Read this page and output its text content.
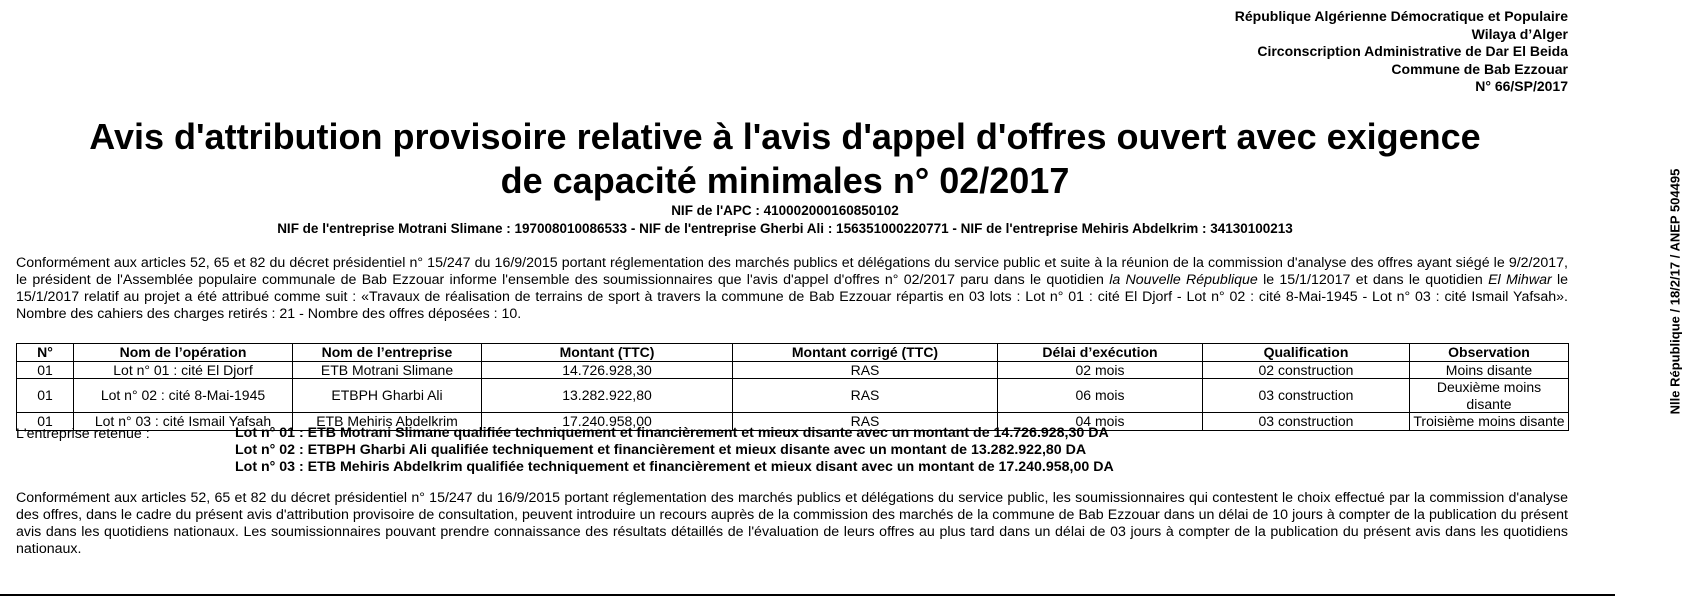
République Algérienne Démocratique et Populaire
Wilaya d’Alger
Circonscription Administrative de Dar El Beida
Commune de Bab Ezzouar
N° 66/SP/2017
Avis d'attribution provisoire relative à l'avis d'appel d'offres ouvert avec exigence
de capacité minimales n° 02/2017
NIF de l'APC : 410002000160850102
NIF de l'entreprise Motrani Slimane : 197008010086533 - NIF de l'entreprise Gherbi Ali : 156351000220771 - NIF de l'entreprise Mehiris Abdelkrim : 34130100213
Conformément aux articles 52, 65 et 82 du décret présidentiel n° 15/247 du 16/9/2015 portant réglementation des marchés publics et délégations du service public et suite à la réunion de la commission d'analyse des offres ayant siégé le 9/2/2017, le président de l'Assemblée populaire communale de Bab Ezzouar informe l'ensemble des soumissionnaires que l'avis d'appel d'offres n° 02/2017 paru dans le quotidien la Nouvelle République le 15/1/12017 et dans le quotidien El Mihwar le 15/1/2017 relatif au projet a été attribué comme suit : «Travaux de réalisation de terrains de sport à travers la commune de Bab Ezzouar répartis en 03 lots : Lot n° 01 : cité El Djorf - Lot n° 02 : cité 8-Mai-1945 - Lot n° 03 : cité Ismail Yafsah». Nombre des cahiers des charges retirés : 21 - Nombre des offres déposées : 10.
N°	Nom de l’opération	Nom de l’entreprise	Montant (TTC)	Montant corrigé (TTC)	Délai d’exécution	Qualification	Observation
01	Lot n° 01 : cité El Djorf	ETB Motrani Slimane	14.726.928,30	RAS	02 mois	02 construction	Moins disante
01	Lot n° 02 : cité 8-Mai-1945	ETBPH Gharbi Ali	13.282.922,80	RAS	06 mois	03 construction	Deuxième moins disante
01	Lot n° 03 : cité Ismail Yafsah	ETB Mehiris Abdelkrim	17.240.958,00	RAS	04 mois	03 construction	Troisième moins disante
L'entreprise retenue :	Lot n° 01 : ETB Motrani Slimane qualifiée techniquement et financièrement et mieux disante avec un montant de 14.726.928,30 DA
Lot n° 02 : ETBPH Gharbi Ali qualifiée techniquement et financièrement et mieux disante avec un montant de 13.282.922,80 DA
Lot n° 03 : ETB Mehiris Abdelkrim qualifiée techniquement et financièrement et mieux disant avec un montant de 17.240.958,00 DA
Conformément aux articles 52, 65 et 82 du décret présidentiel n° 15/247 du 16/9/2015 portant réglementation des marchés publics et délégations du service public, les soumissionnaires qui contestent le choix effectué par la commission d'analyse des offres, dans le cadre du présent avis d'attribution provisoire de consultation, peuvent introduire un recours auprès de la commission des marchés de la commune de Bab Ezzouar dans un délai de 10 jours à compter de la publication du présent avis dans les quotidiens nationaux. Les soumissionnaires pouvant prendre connaissance des résultats détaillés de l'évaluation de leurs offres au plus tard dans un délai de 03 jours à compter de la publication du présent avis dans les quotidiens nationaux.
Nlle République / 18/2/17 / ANEP 504495
